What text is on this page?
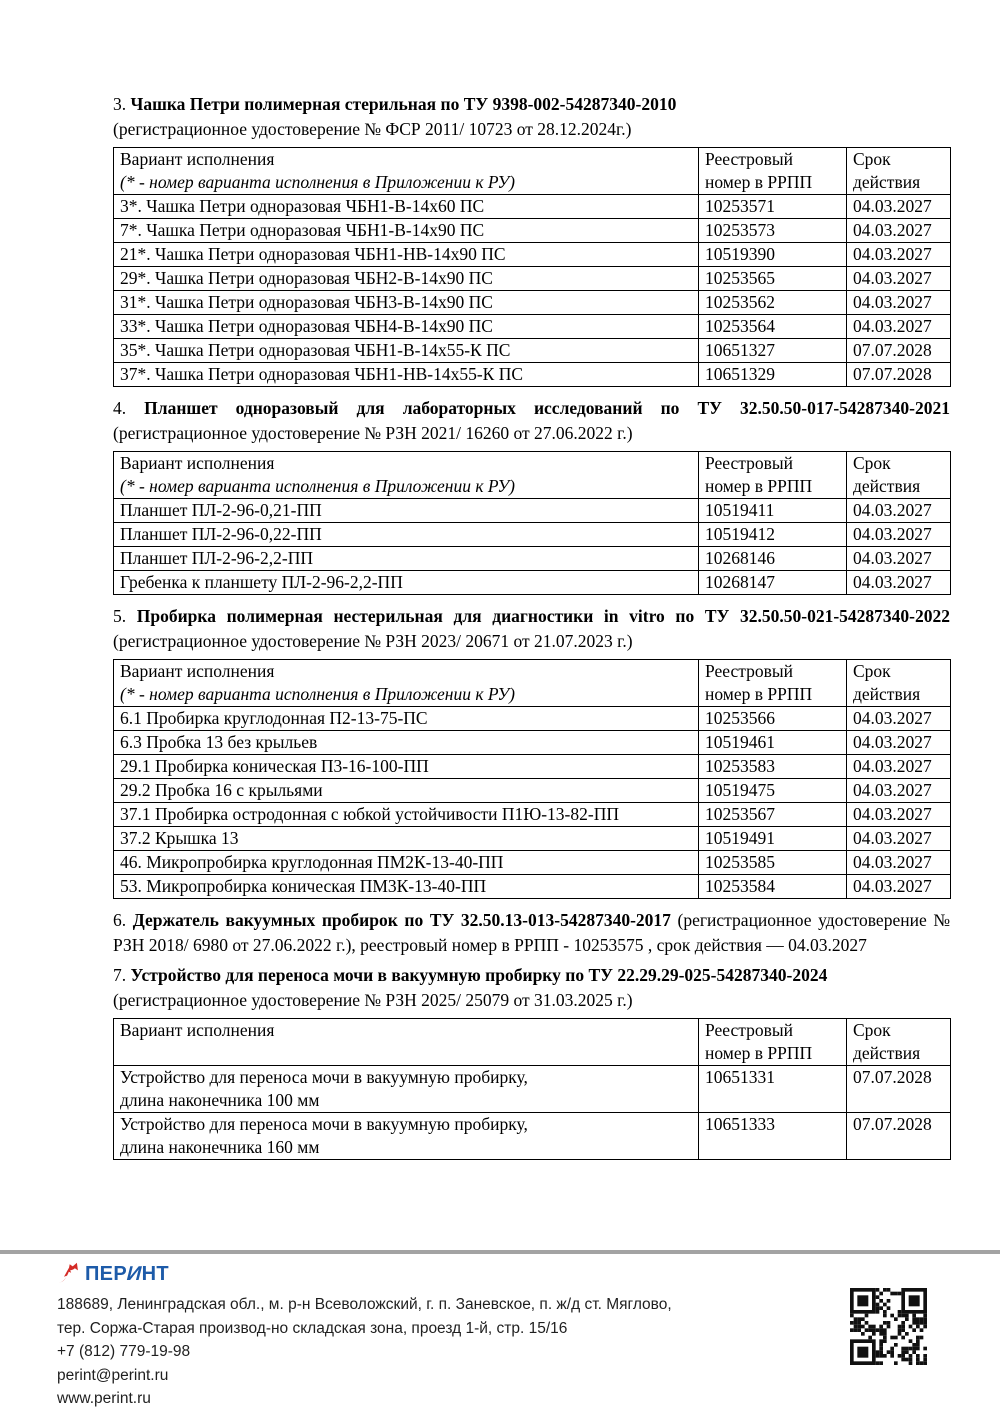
3. Чашка Петри полимерная стерильная по ТУ 9398-002-54287340-2010
(регистрационное удостоверение № ФСР 2011/ 10723 от 28.12.2024г.)

Вариант исполнения
(* - номер варианта исполнения в Приложении к РУ)	Реестровый номер в РРПП	Срок действия
3*. Чашка Петри одноразовая ЧБН1-В-14х60 ПС	10253571	04.03.2027
7*. Чашка Петри одноразовая ЧБН1-В-14х90 ПС	10253573	04.03.2027
21*. Чашка Петри одноразовая ЧБН1-НВ-14х90 ПС	10519390	04.03.2027
29*. Чашка Петри одноразовая ЧБН2-В-14х90 ПС	10253565	04.03.2027
31*. Чашка Петри одноразовая ЧБН3-В-14х90 ПС	10253562	04.03.2027
33*. Чашка Петри одноразовая ЧБН4-В-14х90 ПС	10253564	04.03.2027
35*. Чашка Петри одноразовая ЧБН1-В-14х55-К ПС	10651327	07.07.2028
37*. Чашка Петри одноразовая ЧБН1-НВ-14х55-К ПС	10651329	07.07.2028

4. Планшет одноразовый для лабораторных исследований по ТУ 32.50.50-017-54287340-2021 (регистрационное удостоверение № РЗН 2021/ 16260 от 27.06.2022 г.)

Вариант исполнения
(* - номер варианта исполнения в Приложении к РУ)	Реестровый номер в РРПП	Срок действия
Планшет ПЛ-2-96-0,21-ПП	10519411	04.03.2027
Планшет ПЛ-2-96-0,22-ПП	10519412	04.03.2027
Планшет ПЛ-2-96-2,2-ПП	10268146	04.03.2027
Гребенка к планшету ПЛ-2-96-2,2-ПП	10268147	04.03.2027

5. Пробирка полимерная нестерильная для диагностики in vitro по ТУ 32.50.50-021-54287340-2022 (регистрационное удостоверение № РЗН 2023/ 20671 от 21.07.2023 г.)

Вариант исполнения
(* - номер варианта исполнения в Приложении к РУ)	Реестровый номер в РРПП	Срок действия
6.1 Пробирка круглодонная П2-13-75-ПС	10253566	04.03.2027
6.3 Пробка 13 без крыльев	10519461	04.03.2027
29.1 Пробирка коническая П3-16-100-ПП	10253583	04.03.2027
29.2 Пробка 16 с крыльями	10519475	04.03.2027
37.1 Пробирка остродонная с юбкой устойчивости П1Ю-13-82-ПП	10253567	04.03.2027
37.2 Крышка 13	10519491	04.03.2027
46. Микропробирка круглодонная ПМ2К-13-40-ПП	10253585	04.03.2027
53. Микропробирка коническая ПМ3К-13-40-ПП	10253584	04.03.2027

6. Держатель вакуумных пробирок по ТУ 32.50.13-013-54287340-2017 (регистрационное удостоверение № РЗН 2018/ 6980 от 27.06.2022 г.), реестровый номер в РРПП - 10253575 , срок действия — 04.03.2027

7. Устройство для переноса мочи в вакуумную пробирку по ТУ 22.29.29-025-54287340-2024
(регистрационное удостоверение № РЗН 2025/ 25079 от 31.03.2025 г.)

Вариант исполнения	Реестровый номер в РРПП	Срок действия

Устройство для переноса мочи в вакуумную пробирку,
длина наконечника 100 мм	10651331	07.07.2028

Устройство для переноса мочи в вакуумную пробирку,
длина наконечника 160 мм	10651333	07.07.2028
ПЕРИНТ
188689, Ленинградская обл., м. р-н Всеволожский, г. п. Заневское, п. ж/д ст. Мяглово,
тер. Соржа-Старая производ-но складская зона, проезд 1-й, стр. 15/16
+7 (812) 779-19-98
perint@perint.ru
www.perint.ru
